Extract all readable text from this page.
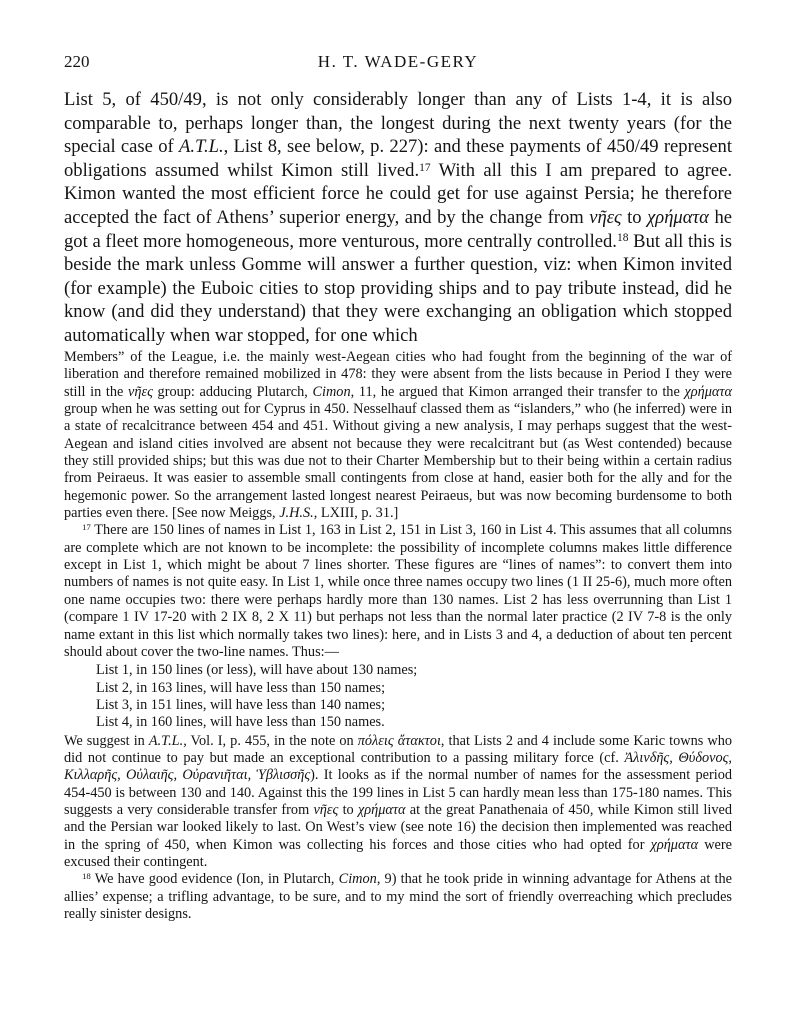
220	H. T. WADE-GERY

List 5, of 450/49, is not only considerably longer than any of Lists 1-4, it is also comparable to, perhaps longer than, the longest during the next twenty years (for the special case of A.T.L., List 8, see below, p. 227): and these payments of 450/49 represent obligations assumed whilst Kimon still lived.$^{17}$ With all this I am prepared to agree. Kimon wanted the most efficient force he could get for use against Persia; he therefore accepted the fact of Athens’ superior energy, and by the change from νῆες to χρήματα he got a fleet more homogeneous, more venturous, more centrally controlled.$^{18}$ But all this is beside the mark unless Gomme will answer a further question, viz: when Kimon invited (for example) the Euboic cities to stop providing ships and to pay tribute instead, did he know (and did they understand) that they were exchanging an obligation which stopped automatically when war stopped, for one which

Members” of the League, i.e. the mainly west-Aegean cities who had fought from the beginning of the war of liberation and therefore remained mobilized in 478: they were absent from the lists because in Period I they were still in the νῆες group: adducing Plutarch, Cimon, 11, he argued that Kimon arranged their transfer to the χρήματα group when he was setting out for Cyprus in 450. Nesselhauf classed them as “islanders,” who (he inferred) were in a state of recalcitrance between 454 and 451. Without giving a new analysis, I may perhaps suggest that the west-Aegean and island cities involved are absent not because they were recalcitrant but (as West contended) because they still provided ships; but this was due not to their Charter Membership but to their being within a certain radius from Peiraeus. It was easier to assemble small contingents from close at hand, easier both for the ally and for the hegemonic power. So the arrangement lasted longest nearest Peiraeus, but was now becoming burdensome to both parties even there. [See now Meiggs, J.H.S., LXIII, p. 31.]

$^{17}$ There are 150 lines of names in List 1, 163 in List 2, 151 in List 3, 160 in List 4. This assumes that all columns are complete which are not known to be incomplete: the possibility of incomplete columns makes little difference except in List 1, which might be about 7 lines shorter. These figures are “lines of names”: to convert them into numbers of names is not quite easy. In List 1, while once three names occupy two lines (1 II 25-6), much more often one name occupies two: there were perhaps hardly more than 130 names. List 2 has less overrunning than List 1 (compare 1 IV 17-20 with 2 IX 8, 2 X 11) but perhaps not less than the normal later practice (2 IV 7-8 is the only name extant in this list which normally takes two lines): here, and in Lists 3 and 4, a deduction of about ten percent should about cover the two-line names. Thus:—

List 1, in 150 lines (or less), will have about 130 names;
List 2, in 163 lines, will have less than 150 names;
List 3, in 151 lines, will have less than 140 names;
List 4, in 160 lines, will have less than 150 names.

We suggest in A.T.L., Vol. I, p. 455, in the note on πόλεις ἄτακτοι, that Lists 2 and 4 include some Karic towns who did not continue to pay but made an exceptional contribution to a passing military force (cf. Ἀλινδῆς, Θύδονος, Κιλλαρῆς, Οὐλαιῆς, Οὐρανιῆται, Ὑβλισσῆς). It looks as if the normal number of names for the assessment period 454-450 is between 130 and 140. Against this the 199 lines in List 5 can hardly mean less than 175-180 names. This suggests a very considerable transfer from νῆες to χρήματα at the great Panathenaia of 450, while Kimon still lived and the Persian war looked likely to last. On West’s view (see note 16) the decision then implemented was reached in the spring of 450, when Kimon was collecting his forces and those cities who had opted for χρήματα were excused their contingent.

$^{18}$ We have good evidence (Ion, in Plutarch, Cimon, 9) that he took pride in winning advantage for Athens at the allies’ expense; a trifling advantage, to be sure, and to my mind the sort of friendly overreaching which precludes really sinister designs.
